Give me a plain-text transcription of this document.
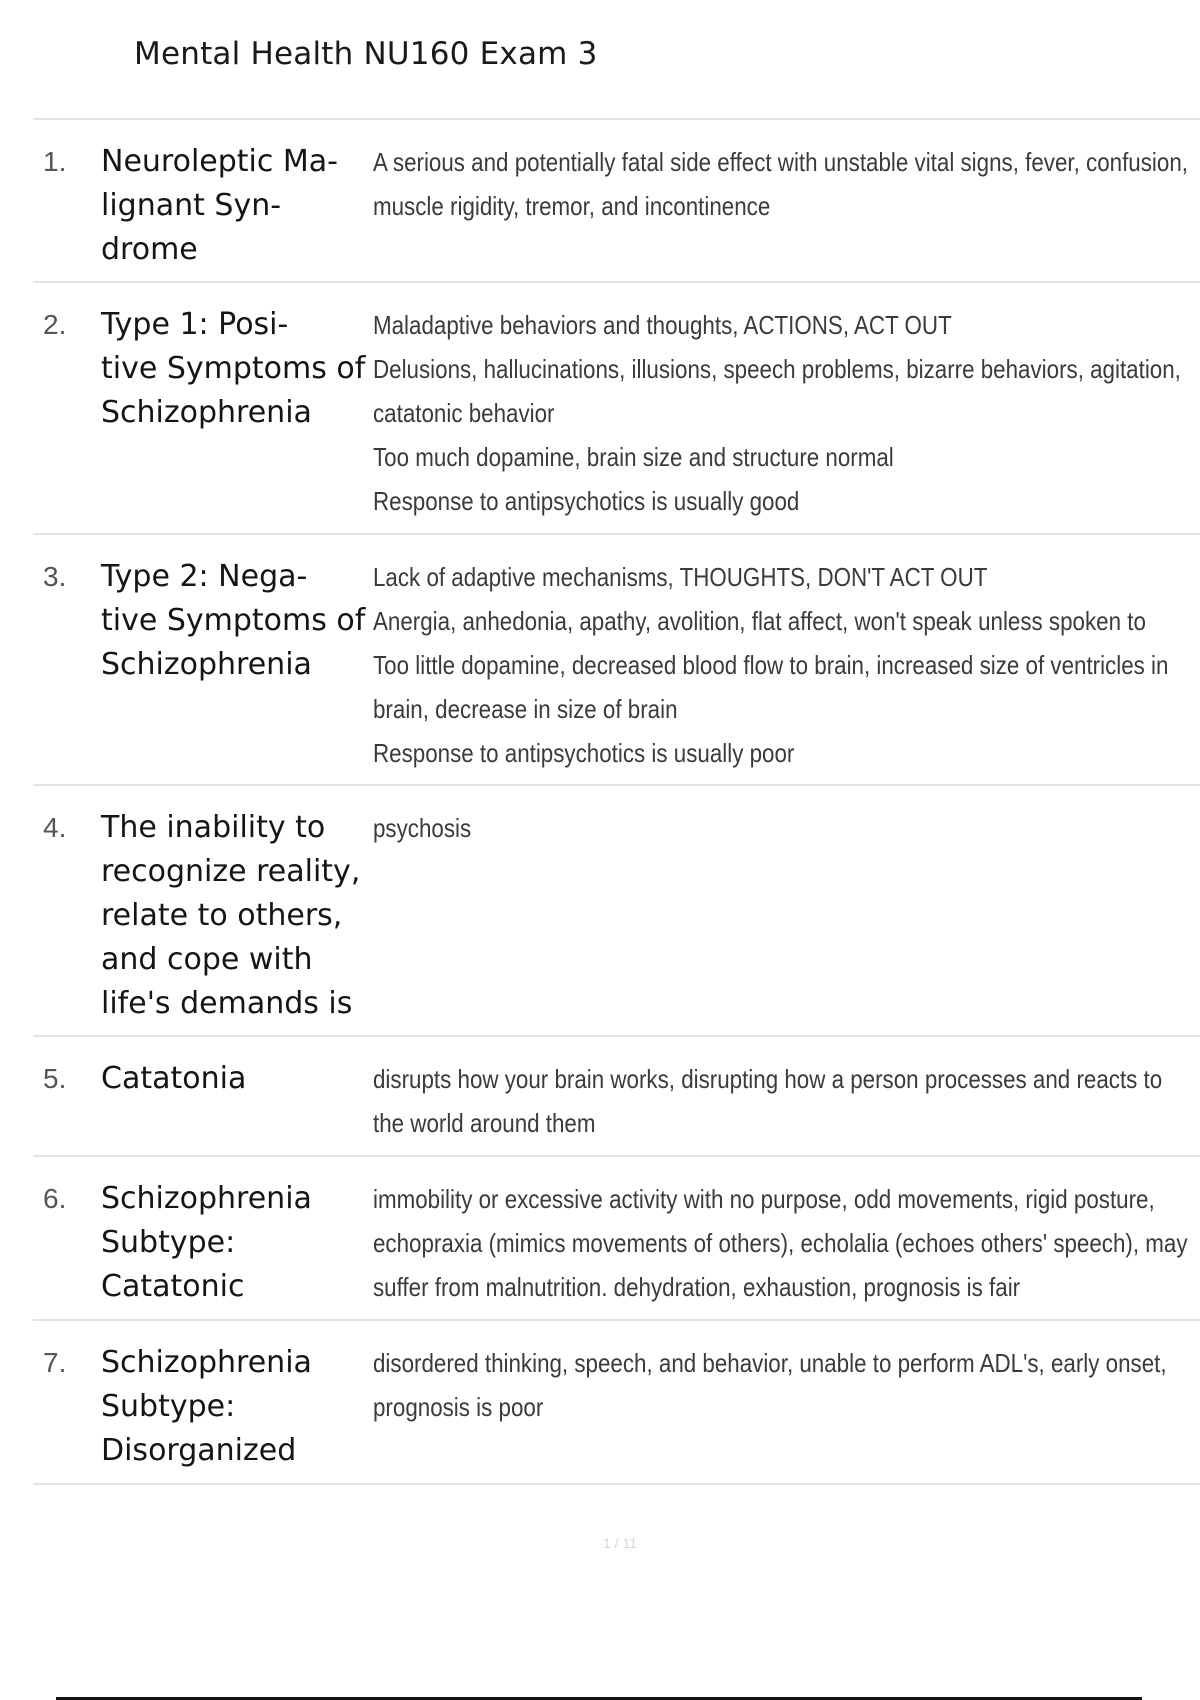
Mental Health NU160 Exam 3
1. Neuroleptic Ma-
lignant Syn-
drome
A serious and potentially fatal side effect with unstable vital signs, fever, confusion,
muscle rigidity, tremor, and incontinence
2. Type 1: Posi-
tive Symptoms of
Schizophrenia
Maladaptive behaviors and thoughts, ACTIONS, ACT OUT
Delusions, hallucinations, illusions, speech problems, bizarre behaviors, agitation,
catatonic behavior
Too much dopamine, brain size and structure normal
Response to antipsychotics is usually good
3. Type 2: Nega-
tive Symptoms of
Schizophrenia
Lack of adaptive mechanisms, THOUGHTS, DON'T ACT OUT
Anergia, anhedonia, apathy, avolition, flat affect, won't speak unless spoken to
Too little dopamine, decreased blood flow to brain, increased size of ventricles in
brain, decrease in size of brain
Response to antipsychotics is usually poor
4. The inability to
recognize reality,
relate to others,
and cope with
life's demands is
psychosis
5. Catatonia	disrupts how your brain works, disrupting how a person processes and reacts to
the world around them
6. Schizophrenia
Subtype:
Catatonic
immobility or excessive activity with no purpose, odd movements, rigid posture,
echopraxia (mimics movements of others), echolalia (echoes others' speech), may
suffer from malnutrition. dehydration, exhaustion, prognosis is fair
7. Schizophrenia
Subtype:
Disorganized
disordered thinking, speech, and behavior, unable to perform ADL's, early onset,
prognosis is poor
1 / 11
